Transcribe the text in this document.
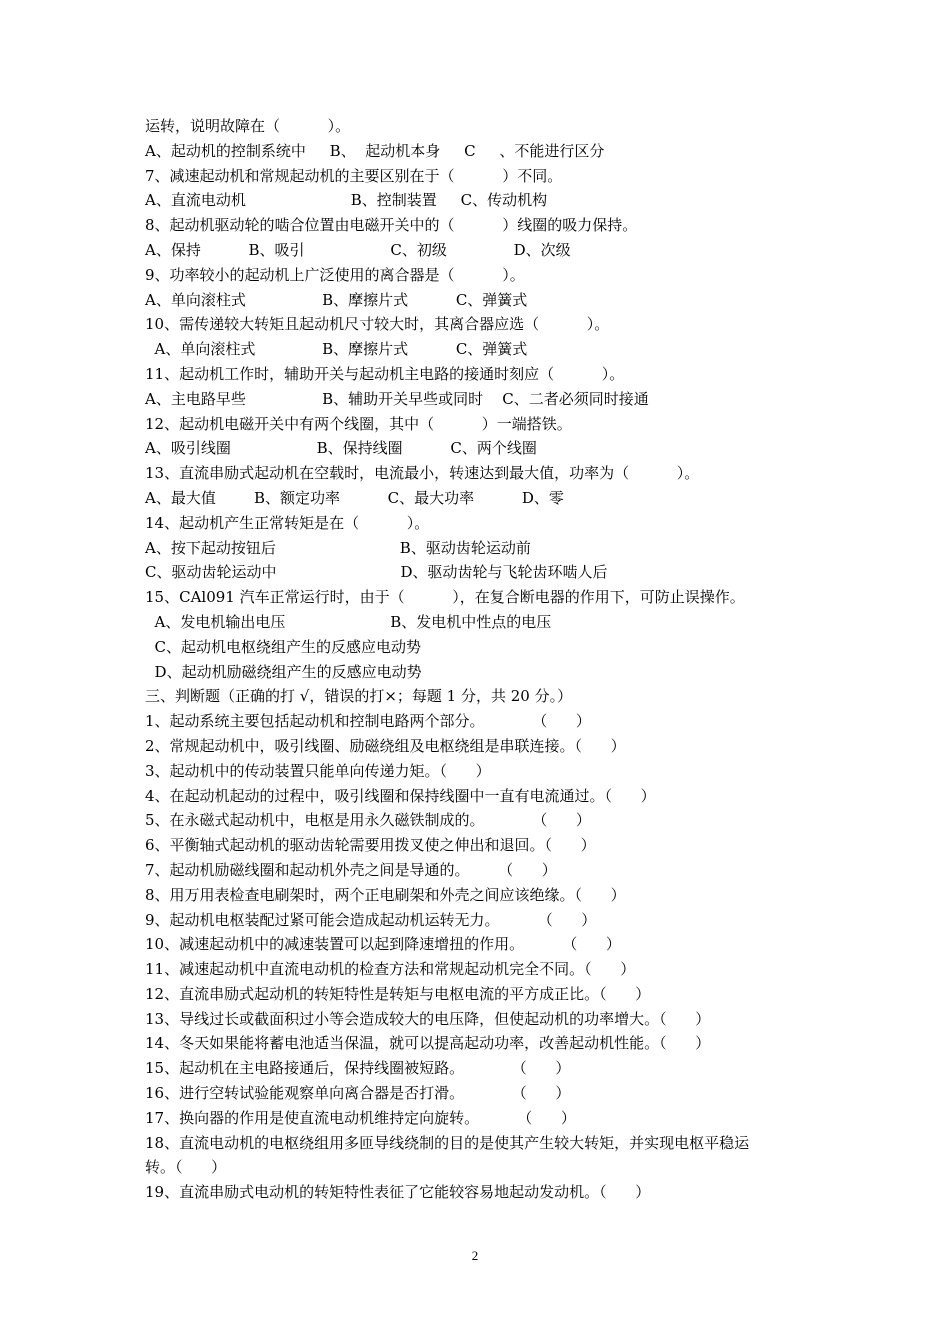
运转，说明故障在（          ）。
A、起动机的控制系统中     B、  起动机本身     C     、不能进行区分
7、减速起动机和常规起动机的主要区别在于（          ）不同。
A、直流电动机                      B、控制装置     C、传动机构
8、起动机驱动轮的啮合位置由电磁开关中的（          ）线圈的吸力保持。
A、保持          B、吸引                  C、初级              D、次级
9、功率较小的起动机上广泛使用的离合器是（          ）。
A、单向滚柱式                B、摩擦片式          C、弹簧式
10、需传递较大转矩且起动机尺寸较大时，其离合器应选（          ）。
A、单向滚柱式              B、摩擦片式          C、弹簧式
11、起动机工作时，辅助开关与起动机主电路的接通时刻应（          ）。
A、主电路早些                B、辅助开关早些或同时    C、二者必须同时接通
12、起动机电磁开关中有两个线圈，其中（          ）一端搭铁。
A、吸引线圈                  B、保持线圈          C、两个线圈
13、直流串励式起动机在空载时，电流最小，转速达到最大值，功率为（          ）。
A、最大值        B、额定功率          C、最大功率          D、零
14、起动机产生正常转矩是在（          ）。
A、按下起动按钮后                          B、驱动齿轮运动前
C、驱动齿轮运动中                          D、驱动齿轮与飞轮齿环啮人后
15、CAl091 汽车正常运行时，由于（          ），在复合断电器的作用下，可防止误操作。
A、发电机输出电压                      B、发电机中性点的电压
C、起动机电枢绕组产生的反感应电动势
D、起动机励磁绕组产生的反感应电动势
三、判断题（正确的打 √，错误的打×；每题 1 分，共 20 分。）
1、起动系统主要包括起动机和控制电路两个部分。          （      ）
2、常规起动机中，吸引线圈、励磁绕组及电枢绕组是串联连接。（      ）
3、起动机中的传动装置只能单向传递力矩。（      ）
4、在起动机起动的过程中，吸引线圈和保持线圈中一直有电流通过。（      ）
5、在永磁式起动机中，电枢是用永久磁铁制成的。          （      ）
6、平衡轴式起动机的驱动齿轮需要用拨叉使之伸出和退回。（      ）
7、起动机励磁线圈和起动机外壳之间是导通的。      （      ）
8、用万用表检查电刷架时，两个正电刷架和外壳之间应该绝缘。（      ）
9、起动机电枢装配过紧可能会造成起动机运转无力。        （      ）
10、减速起动机中的减速装置可以起到降速增扭的作用。        （      ）
11、减速起动机中直流电动机的检查方法和常规起动机完全不同。（      ）
12、直流串励式起动机的转矩特性是转矩与电枢电流的平方成正比。（      ）
13、导线过长或截面积过小等会造成较大的电压降，但使起动机的功率增大。（      ）
14、冬天如果能将蓄电池适当保温，就可以提高起动功率，改善起动机性能。（      ）
15、起动机在主电路接通后，保持线圈被短路。          （      ）
16、进行空转试验能观察单向离合器是否打滑。          （      ）
17、换向器的作用是使直流电动机维持定向旋转。        （      ）
18、直流电动机的电枢绕组用多匝导线绕制的目的是使其产生较大转矩，并实现电枢平稳运
转。（      ）
19、直流串励式电动机的转矩特性表征了它能较容易地起动发动机。（      ）
2
